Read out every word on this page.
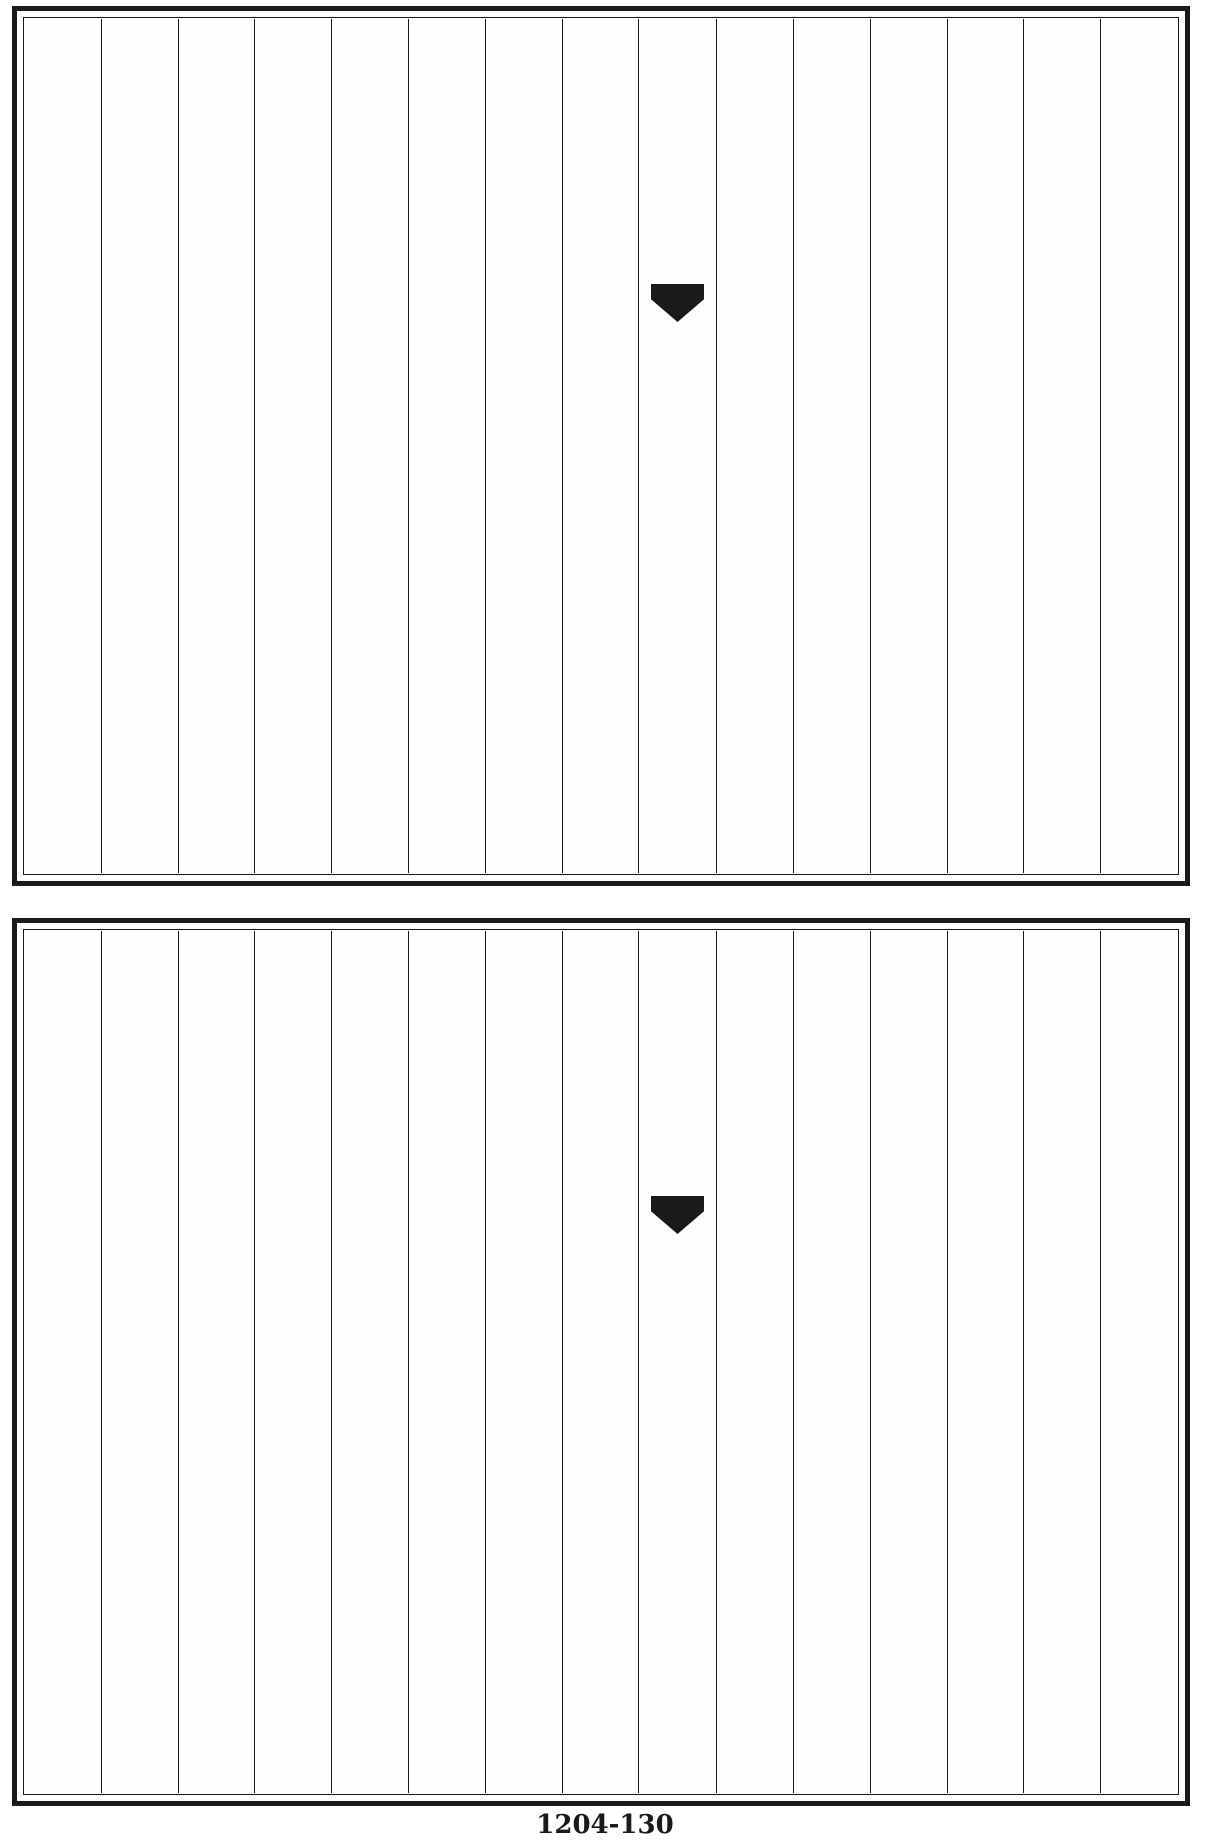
1204-130
